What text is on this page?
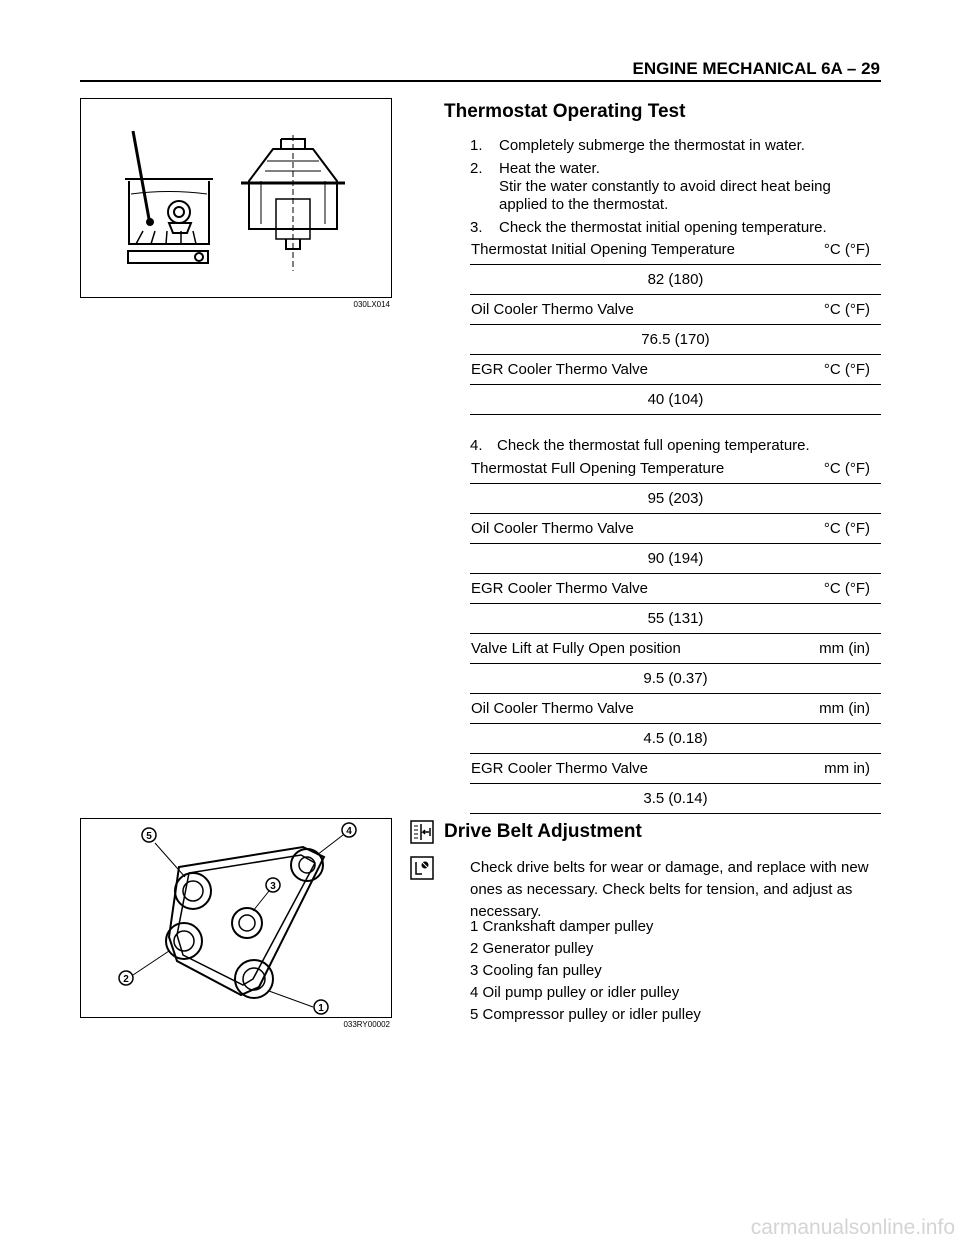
ENGINE MECHANICAL 6A – 29
030LX014
Thermostat Operating Test
1. Completely submerge the thermostat in water.
2. Heat the water.
Stir the water constantly to avoid direct heat being applied to the thermostat.
3. Check the thermostat initial opening temperature.
Thermostat Initial Opening Temperature	°C (°F)
82 (180)
Oil Cooler Thermo Valve	°C (°F)
76.5 (170)
EGR Cooler Thermo Valve	°C (°F)
40 (104)
4. Check the thermostat full opening temperature.
Thermostat Full Opening Temperature	°C (°F)
95 (203)
Oil Cooler Thermo Valve	°C (°F)
90 (194)
EGR Cooler Thermo Valve	°C (°F)
55 (131)
Valve Lift at Fully Open position	mm (in)
9.5 (0.37)
Oil Cooler Thermo Valve	mm (in)
4.5 (0.18)
EGR Cooler Thermo Valve	mm in)
3.5 (0.14)
5	4
3
2
1
033RY00002
Drive Belt Adjustment
Check drive belts for wear or damage, and replace with new ones as necessary. Check belts for tension, and adjust as necessary.
1 Crankshaft damper pulley
2 Generator pulley
3 Cooling fan pulley
4 Oil pump pulley or idler pulley
5 Compressor pulley or idler pulley
carmanualsonline.info
